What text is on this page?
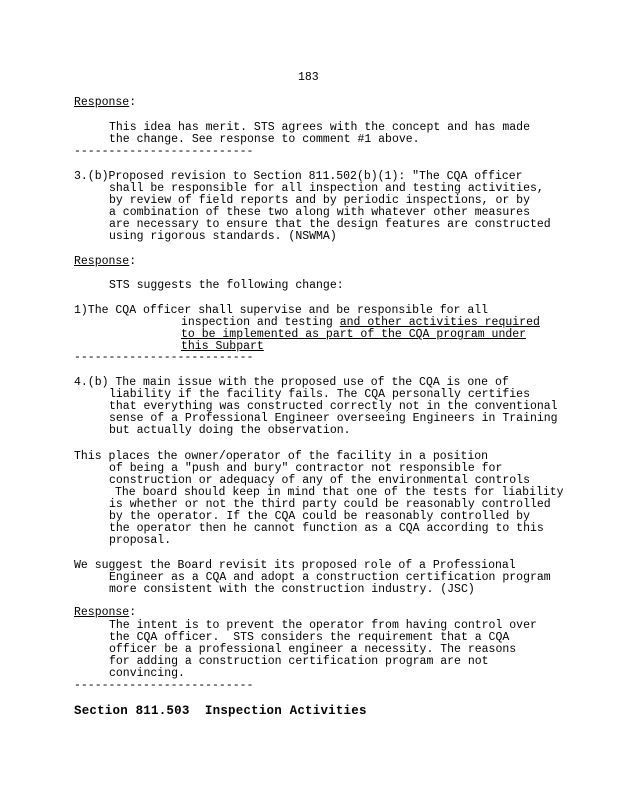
183
Response:
This idea has merit. STS agrees with the concept and has made
the change. See response to comment #1 above.
--------------------------
3.(b)Proposed revision to Section 811.502(b)(1): "The CQA officer
shall be responsible for all inspection and testing activities,
by review of field reports and by periodic inspections, or by
a combination of these two along with whatever other measures
are necessary to ensure that the design features are constructed
using rigorous standards. (NSWMA)
Response:
STS suggests the following change:
1)The CQA officer shall supervise and be responsible for all
inspection and testing and other activities required
to be implemented as part of the CQA program under
this Subpart
--------------------------
4.(b) The main issue with the proposed use of the CQA is one of
liability if the facility fails. The CQA personally certifies
that everything was constructed correctly not in the conventional
sense of a Professional Engineer overseeing Engineers in Training
but actually doing the observation.
This places the owner/operator of the facility in a position
of being a "push and bury" contractor not responsible for
construction or adequacy of any of the environmental controls
The board should keep in mind that one of the tests for liability
is whether or not the third party could be reasonably controlled
by the operator. If the CQA could be reasonably controlled by
the operator then he cannot function as a CQA according to this
proposal.
We suggest the Board revisit its proposed role of a Professional
Engineer as a CQA and adopt a construction certification program
more consistent with the construction industry. (JSC)
Response:
The intent is to prevent the operator from having control over
the CQA officer.  STS considers the requirement that a CQA
officer be a professional engineer a necessity. The reasons
for adding a construction certification program are not
convincing.
--------------------------
Section 811.503  Inspection Activities
